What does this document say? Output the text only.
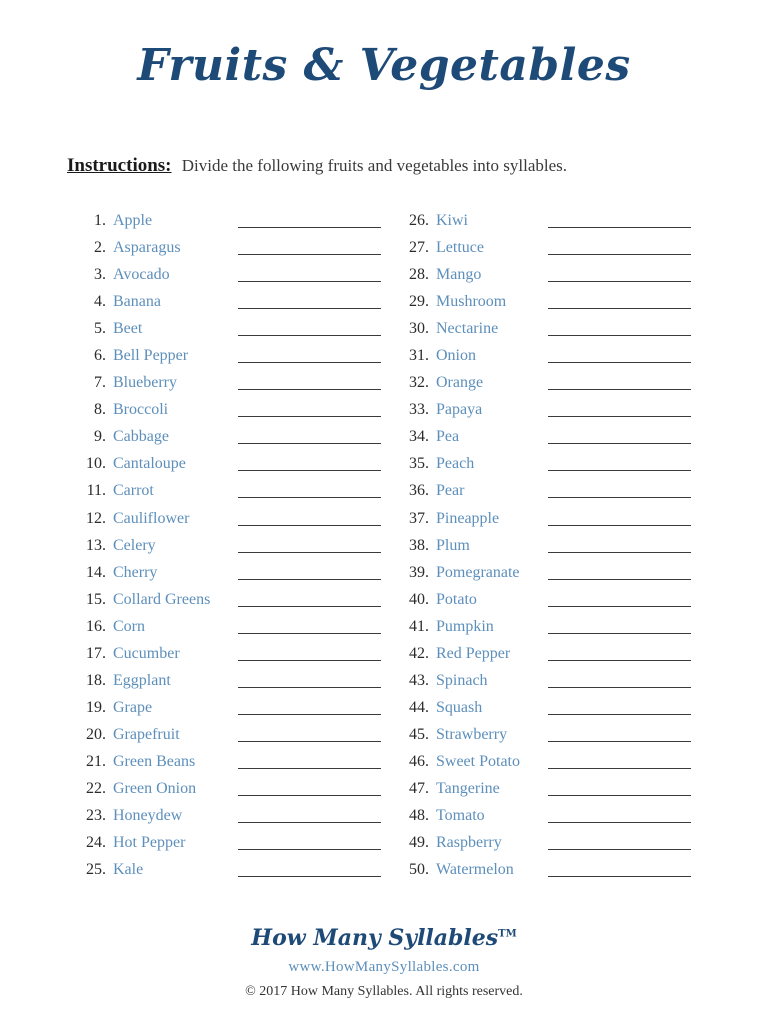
Fruits & Vegetables
Instructions: Divide the following fruits and vegetables into syllables.
1. Apple
2. Asparagus
3. Avocado
4. Banana
5. Beet
6. Bell Pepper
7. Blueberry
8. Broccoli
9. Cabbage
10. Cantaloupe
11. Carrot
12. Cauliflower
13. Celery
14. Cherry
15. Collard Greens
16. Corn
17. Cucumber
18. Eggplant
19. Grape
20. Grapefruit
21. Green Beans
22. Green Onion
23. Honeydew
24. Hot Pepper
25. Kale
26. Kiwi
27. Lettuce
28. Mango
29. Mushroom
30. Nectarine
31. Onion
32. Orange
33. Papaya
34. Pea
35. Peach
36. Pear
37. Pineapple
38. Plum
39. Pomegranate
40. Potato
41. Pumpkin
42. Red Pepper
43. Spinach
44. Squash
45. Strawberry
46. Sweet Potato
47. Tangerine
48. Tomato
49. Raspberry
50. Watermelon
How Many Syllables™
www.HowManySyllables.com
© 2017 How Many Syllables. All rights reserved.
